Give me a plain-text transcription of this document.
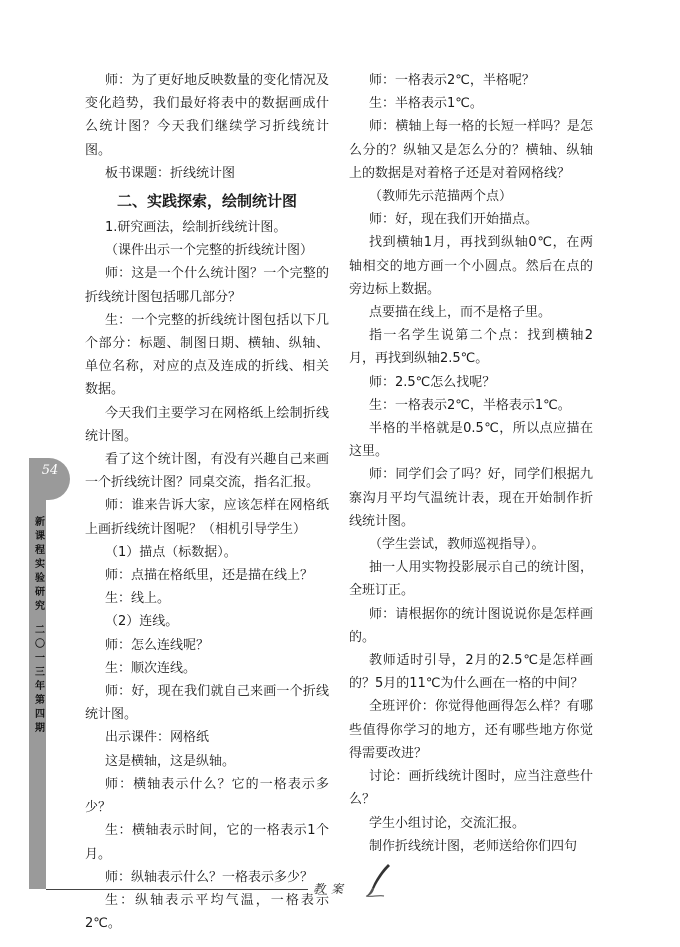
54
新
课
程
实
验
研
究
二
〇
一
三
年
第
四
期

师：为了更好地反映数量的变化情况及变化趋势，我们最好将表中的数据画成什么统计图？今天我们继续学习折线统计图。

板书课题：折线统计图

二、实践探索，绘制统计图

1.研究画法，绘制折线统计图。

（课件出示一个完整的折线统计图）

师：这是一个什么统计图？一个完整的折线统计图包括哪几部分？

生：一个完整的折线统计图包括以下几个部分：标题、制图日期、横轴、纵轴、单位名称，对应的点及连成的折线、相关数据。

今天我们主要学习在网格纸上绘制折线统计图。

看了这个统计图，有没有兴趣自己来画一个折线统计图？同桌交流，指名汇报。

师：谁来告诉大家，应该怎样在网格纸上画折线统计图呢？（相机引导学生）

（1）描点（标数据）。

师：点描在格纸里，还是描在线上？

生：线上。

（2）连线。

师：怎么连线呢？

生：顺次连线。

师：好，现在我们就自己来画一个折线统计图。

出示课件：网格纸

这是横轴，这是纵轴。

师：横轴表示什么？它的一格表示多少？

生：横轴表示时间，它的一格表示1个月。

师：纵轴表示什么？一格表示多少？

生：纵轴表示平均气温，一格表示2℃。

师：一格表示2℃，半格呢？

生：半格表示1℃。

师：横轴上每一格的长短一样吗？是怎么分的？纵轴又是怎么分的？横轴、纵轴上的数据是对着格子还是对着网格线？

（教师先示范描两个点）

师：好，现在我们开始描点。

找到横轴1月，再找到纵轴0℃，在两轴相交的地方画一个小圆点。然后在点的旁边标上数据。

点要描在线上，而不是格子里。

指一名学生说第二个点：找到横轴2月，再找到纵轴2.5℃。

师：2.5℃怎么找呢？

生：一格表示2℃，半格表示1℃。

半格的半格就是0.5℃，所以点应描在这里。

师：同学们会了吗？好，同学们根据九寨沟月平均气温统计表，现在开始制作折线统计图。

（学生尝试，教师巡视指导）。

抽一人用实物投影展示自己的统计图，全班订正。

师：请根据你的统计图说说你是怎样画的。

教师适时引导，2月的2.5℃是怎样画的？5月的11℃为什么画在一格的中间？

全班评价：你觉得他画得怎么样？有哪些值得你学习的地方，还有哪些地方你觉得需要改进？

讨论：画折线统计图时，应当注意些什么？

学生小组讨论，交流汇报。

制作折线统计图，老师送给你们四句

教案
